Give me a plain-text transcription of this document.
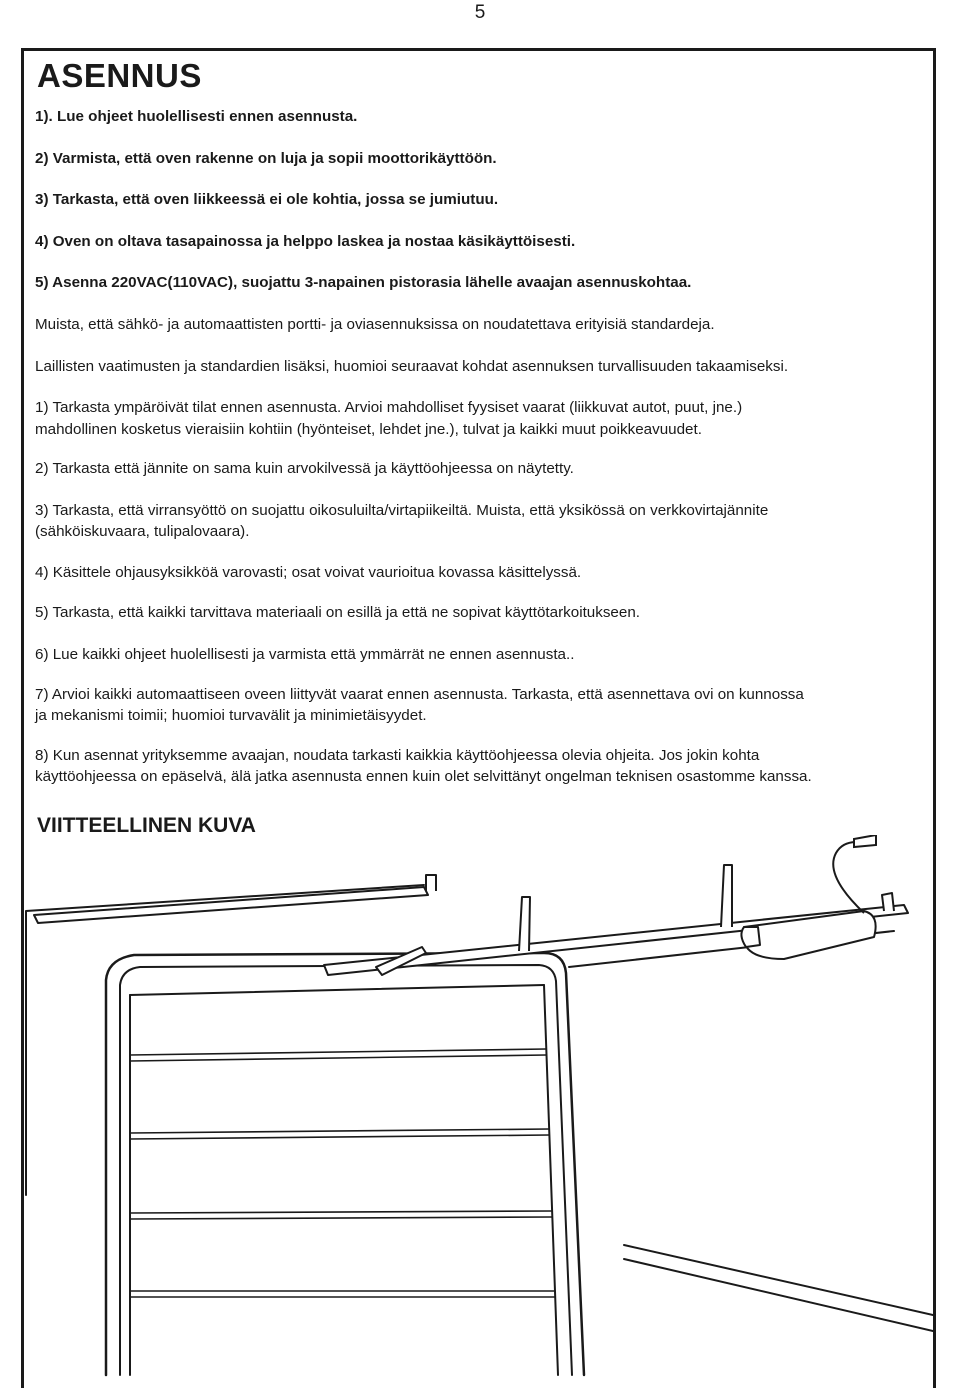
5
ASENNUS

1). Lue ohjeet huolellisesti ennen asennusta.

2) Varmista, että oven rakenne on luja ja sopii moottorikäyttöön.

3) Tarkasta, että oven liikkeessä ei ole kohtia, jossa se jumiutuu.

4) Oven on oltava tasapainossa ja helppo laskea ja nostaa käsikäyttöisesti.

5) Asenna 220VAC(110VAC), suojattu 3-napainen pistorasia lähelle avaajan asennuskohtaa.

Muista, että sähkö- ja automaattisten portti- ja oviasennuksissa on noudatettava erityisiä standardeja.

Laillisten vaatimusten ja standardien lisäksi, huomioi seuraavat kohdat asennuksen turvallisuuden takaamiseksi.

1) Tarkasta ympäröivät tilat ennen asennusta. Arvioi mahdolliset fyysiset vaarat (liikkuvat autot, puut, jne.)

mahdollinen kosketus vieraisiin kohtiin (hyönteiset, lehdet jne.), tulvat ja kaikki muut poikkeavuudet.

2) Tarkasta että jännite on sama kuin arvokilvessä ja käyttöohjeessa on näytetty.

3) Tarkasta, että virransyöttö on suojattu oikosuluilta/virtapiikeiltä. Muista, että yksikössä on verkkovirtajännite

(sähköiskuvaara, tulipalovaara).

4) Käsittele ohjausyksikköä varovasti; osat voivat vaurioitua kovassa käsittelyssä.

5) Tarkasta, että kaikki tarvittava materiaali on esillä ja että ne sopivat käyttötarkoitukseen.

6) Lue kaikki ohjeet huolellisesti ja varmista että ymmärrät ne ennen asennusta..

7) Arvioi kaikki automaattiseen oveen liittyvät vaarat ennen asennusta. Tarkasta, että asennettava ovi on kunnossa

ja mekanismi toimii; huomioi turvavälit ja minimietäisyydet.

8) Kun asennat yrityksemme avaajan, noudata tarkasti kaikkia käyttöohjeessa olevia ohjeita. Jos jokin kohta

käyttöohjeessa on epäselvä, älä jatka asennusta ennen kuin olet selvittänyt ongelman teknisen osastomme kanssa.

VIITTEELLINEN KUVA
